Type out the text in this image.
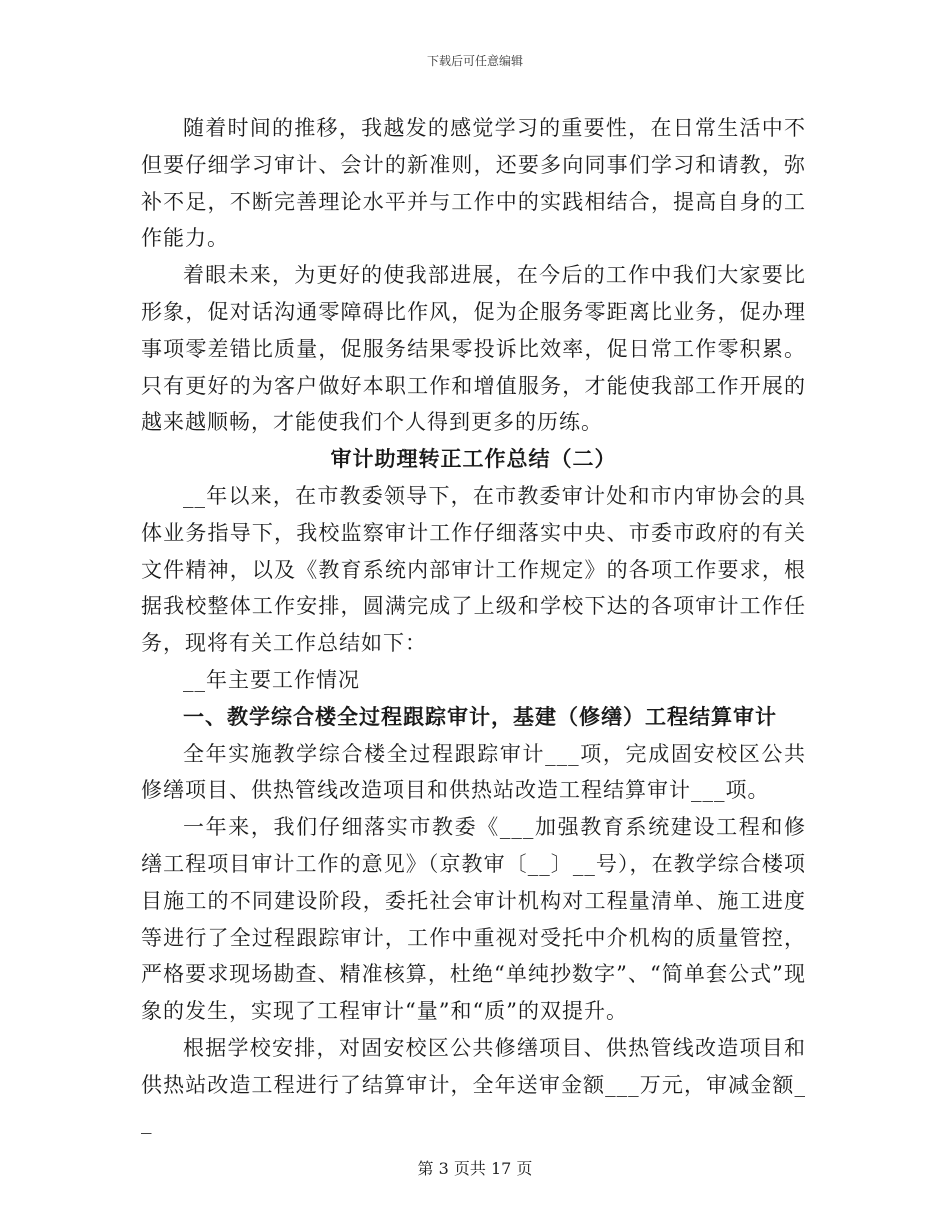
下载后可任意编辑

随着时间的推移，我越发的感觉学习的重要性，在日常生活中不但要仔细学习审计、会计的新准则，还要多向同事们学习和请教，弥补不足，不断完善理论水平并与工作中的实践相结合，提高自身的工作能力。

着眼未来，为更好的使我部进展，在今后的工作中我们大家要比形象，促对话沟通零障碍比作风，促为企服务零距离比业务，促办理事项零差错比质量，促服务结果零投诉比效率，促日常工作零积累。只有更好的为客户做好本职工作和增值服务，才能使我部工作开展的越来越顺畅，才能使我们个人得到更多的历练。

审计助理转正工作总结（二）

__年以来，在市教委领导下，在市教委审计处和市内审协会的具体业务指导下，我校监察审计工作仔细落实中央、市委市政府的有关文件精神，以及《教育系统内部审计工作规定》的各项工作要求，根据我校整体工作安排，圆满完成了上级和学校下达的各项审计工作任务，现将有关工作总结如下：

__年主要工作情况

一、教学综合楼全过程跟踪审计，基建（修缮）工程结算审计

全年实施教学综合楼全过程跟踪审计___项，完成固安校区公共修缮项目、供热管线改造项目和供热站改造工程结算审计___项。

一年来，我们仔细落实市教委《___加强教育系统建设工程和修缮工程项目审计工作的意见》（京教审〔__〕__号），在教学综合楼项目施工的不同建设阶段，委托社会审计机构对工程量清单、施工进度等进行了全过程跟踪审计，工作中重视对受托中介机构的质量管控，严格要求现场勘查、精准核算，杜绝“单纯抄数字”、“简单套公式”现象的发生，实现了工程审计“量”和“质”的双提升。

根据学校安排，对固安校区公共修缮项目、供热管线改造项目和供热站改造工程进行了结算审计，全年送审金额___万元，审减金额__

第 3 页共 17 页
